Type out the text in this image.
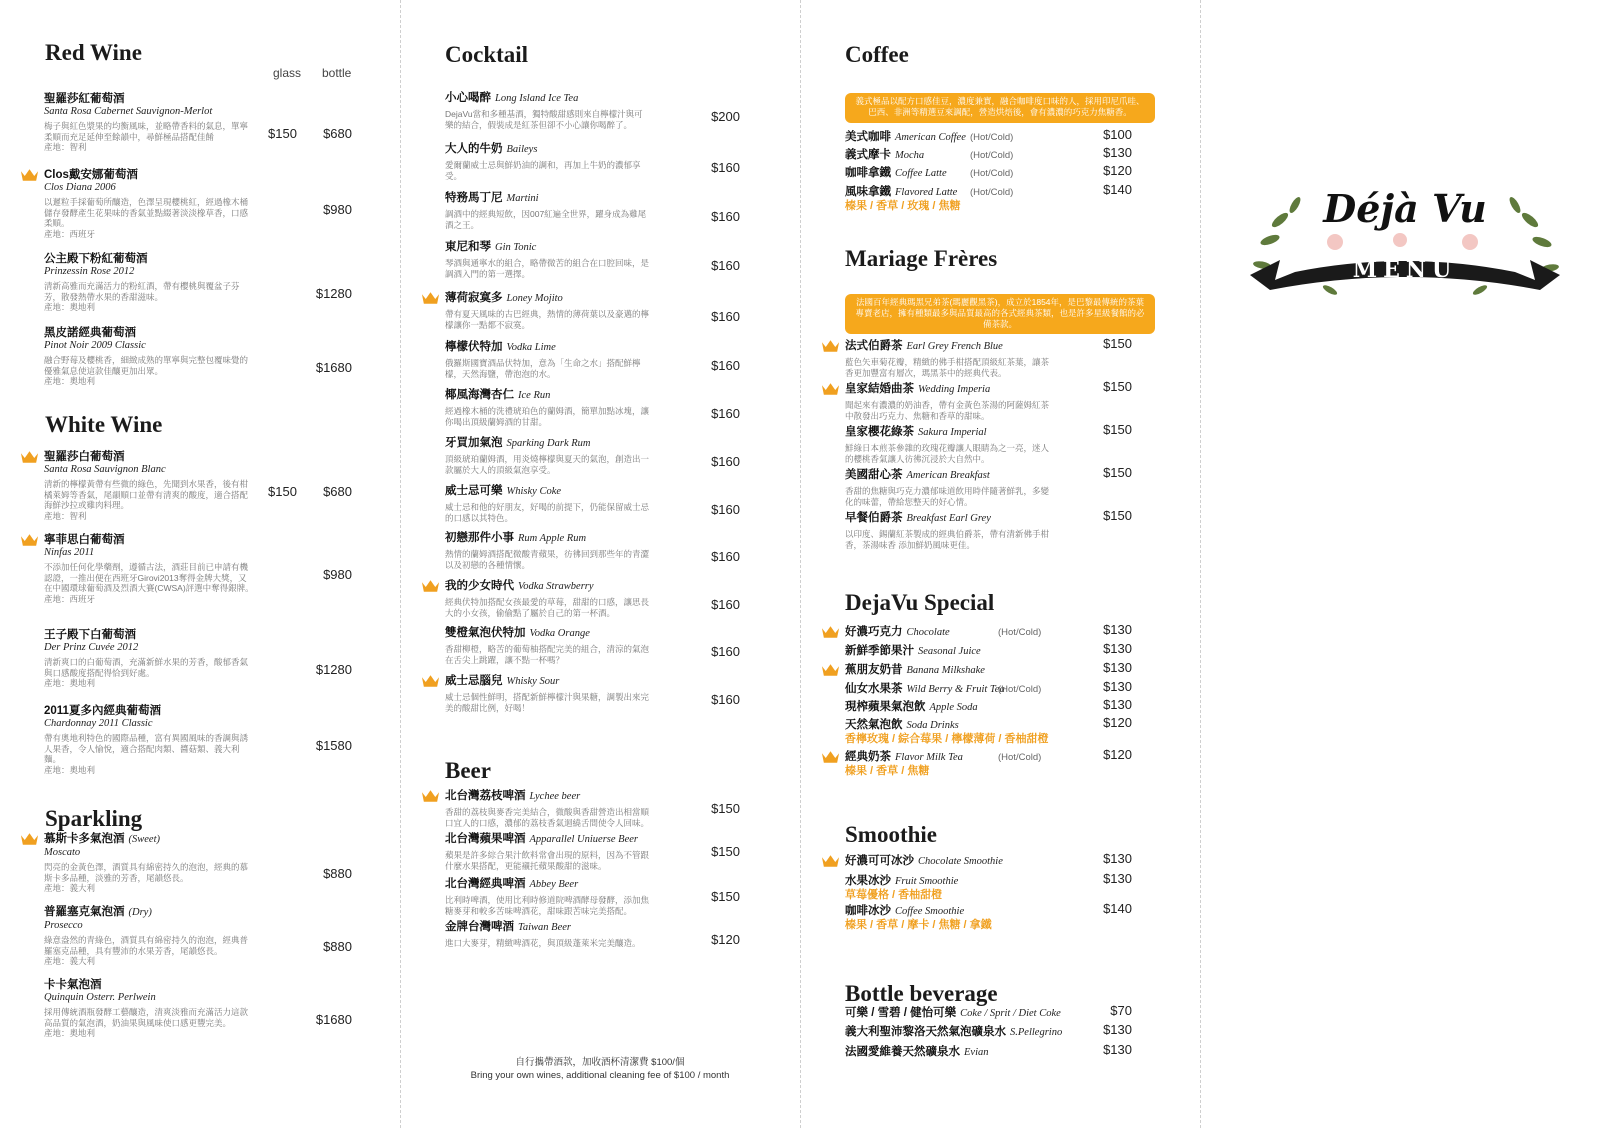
Red Wine
glass bottle
聖羅莎紅葡萄酒
Santa Rosa Cabernet Sauvignon-Merlot
梅子與紅色漿果的均衡風味，並略帶香料的氣息，單寧柔順而充足延伸至餘韻中，尋鮮極品搭配佳餚
產地：智利
$150 $680
Clos戴安娜葡萄酒
Clos Diana 2006
以遲粒手採葡萄所釀造，色澤呈現櫻桃紅，經過橡木桶儲存發酵產生花果味的香氣並點綴著淡淡橡草香，口感柔順。
產地：西班牙
$980
公主殿下粉紅葡萄酒
Prinzessin Rose 2012
清新高雅而充滿活力的粉紅酒，帶有櫻桃與覆盆子芬芳，散發熱帶水果的香甜滋味。
產地：奧地利
$1280
黑皮諾經典葡萄酒
Pinot Noir 2009 Classic
融合野莓及櫻桃香，細緻成熟的單寧與完整包覆味覺的優雅氣息使這款佳釀更加出眾。
產地：奧地利
$1680
White Wine
聖羅莎白葡萄酒
Santa Rosa Sauvignon Blanc
清新的檸檬黃帶有些微的綠色，先聞到水果香，後有柑橘萊姆等香氣，尾韻順口並帶有清爽的酸度，適合搭配海鮮沙拉或雞肉料理。
產地：智利
$150 $680
寧菲思白葡萄酒
Ninfas 2011
不添加任何化學藥劑，遵循古法，酒莊目前已申請有機認證，一推出便在西班牙Girovi2013奪得金牌大獎，又在中國環球葡萄酒及烈酒大賽(CWSA)評選中奪得銀牌。
產地：西班牙
$980
王子殿下白葡萄酒
Der Prinz Cuvée 2012
清新爽口的白葡萄酒，充滿新鮮水果的芳香，酸郁香氣與口感酸度搭配得恰到好處。
產地：奧地利
$1280
2011夏多內經典葡萄酒
Chardonnay 2011 Classic
帶有奧地利特色的國際品種，富有異國風味的香調與誘人果香，令人愉悅，適合搭配肉類、醬菇類、義大利麵。
產地：奧地利
$1580
Sparkling
慕斯卡多氣泡酒 (Sweet)
Moscato
閃亮的金黃色澤，酒質具有綿密持久的泡泡，經典的慕斯卡多品種，淡雅的芳香，尾韻悠長。
產地：義大利
$880
普羅塞克氣泡酒 (Dry)
Prosecco
綠意盎然的青綠色，酒質具有綿密持久的泡泡，經典普羅塞克品種，具有豐沛的水果芳香，尾韻悠長。
產地：義大利
$880
卡卡氣泡酒
Quinquin Osterr. Perlwein
採用傳統酒瓶發酵工藝釀造，清爽淡雅而充滿活力這款高品質的氣泡酒，奶油果與風味使口感更豐完美。
產地：奧地利
$1680
Cocktail
小心喝醉 Long Island Ice Tea
DejaVu當和多種基酒，獨特酸甜感則來自檸檬汁與可樂的結合，假裝成是紅茶但卻不小心讓你喝醉了。
$200
大人的牛奶 Baileys
愛爾蘭威士忌與鮮奶油的調和，再加上牛奶的濃郁享受。
$160
特務馬丁尼 Martini
調酒中的經典短飲，因007紅遍全世界，躍身成為雞尾酒之王。
$160
東尼和琴 Gin Tonic
琴酒與通寧水的組合，略帶微苦的組合在口腔回味，是調酒入門的第一選擇。
$160
薄荷寂寞多 Loney Mojito
帶有夏天風味的古巴經典，熱情的薄荷葉以及豪邁的檸檬讓你一點都不寂寞。
$160
檸檬伏特加 Vodka Lime
俄羅斯國寶酒品伏特加，意為「生命之水」搭配鮮檸檬，天然海鹽，帶泡泡的水。
$160
椰風海灣杏仁 Ice Run
經過橡木桶的洗禮琥珀色的蘭姆酒，簡單加點冰塊，讓你喝出頂級蘭姆酒的甘甜。
$160
牙買加氣泡 Sparking Dark Rum
頂級琥珀蘭姆酒，用炎燒檸檬與夏天的氣泡，創造出一款屬於大人的頂級氣泡享受。
$160
威士忌可樂 Whisky Coke
威士忌和他的好朋友，好喝的前提下，仍能保留威士忌的口感以其特色。
$160
初戀那件小事 Rum Apple Rum
熱情的蘭姆酒搭配微酸青蘋果，彷彿回到那些年的青澀以及初戀的各種情懷。
$160
我的少女時代 Vodka Strawberry
經典伏特加搭配女孩最愛的草莓，甜甜的口感，讓思長大的小女孩，偷偷點了屬於自己的第一杯酒。
$160
雙橙氣泡伏特加 Vodka Orange
香甜柳橙，略苦的葡萄柚搭配完美的組合，清涼的氣泡在舌尖上跳躍，讓不點一杯嗎？
$160
威士忌腦兒 Whisky Sour
威士忌個性鮮明，搭配新鮮檸檬汁與果糖，調製出來完美的酸甜比例，好喝！
$160
Beer
北台灣荔枝啤酒 Lychee beer
香甜的荔枝與麥香完美結合，微酸與香甜營造出相當順口宜人的口感，濃郁的荔枝香氣迴繞舌間使令人回味。
$150
北台灣蘋果啤酒 Apparallel Uniuerse Beer
蘋果是許多綜合果汁飲料常會出現的原料，因為不管跟什麼水果搭配，更能襯托蘋果酸甜的滋味。
$150
北台灣經典啤酒 Abbey Beer
比利時啤酒，使用比利時修道院啤酒酵母發酵，添加焦糖麥芽和較多苦味啤酒花，甜味跟苦味完美搭配。
$150
金牌台灣啤酒 Taiwan Beer
進口大麥芽，精緻啤酒花，與頂級蓬萊米完美釀造。	$120
自行攜帶酒款，加收酒杯清潔費 $100/個
Bring your own wines, additional cleaning fee of $100 / month
Coffee
義式極品以配方口感佳豆，濃度兼實，融合咖啡度口味的人，採用印尼爪哇、巴西、非洲等精選豆來調配，營造烘焙後，會有濃濃的巧克力焦糖香。
美式咖啡 American Coffee (Hot/Cold)	$100
義式摩卡 Mocha	(Hot/Cold)	$130
咖啡拿鐵 Coffee Latte (Hot/Cold)	$120
風味拿鐵 Flavored Latte
榛果 / 香草 / 玫瑰 / 焦糖
(Hot/Cold)	$140
Mariage Frères
法國百年經典瑪黑兄弟茶(瑪麗觀黑茶)，成立於1854年，是巴黎最傳統的茶葉專賣老店，擁有種類最多與品質最高的各式經典茶類，也是許多星級餐館的必備茶款。
法式伯爵茶 Earl Grey French Blue
藍色矢車菊花瓣，精緻的佛手柑搭配頂級紅茶葉，讓茶香更加豐富有層次，瑪黑茶中的經典代表。
$150
皇家結婚曲茶 Wedding Imperia
聞起來有濃濃的奶油香，帶有金黃色茶湯的阿薩姆紅茶中散發出巧克力、焦糖和香草的甜味。
$150
皇家櫻花綠茶 Sakura Imperial
鮮綠日本煎茶參雜的玫瑰花瓣讓人眼睛為之一亮，迷人的櫻桃香氣讓人彷彿沉浸於大自然中。
$150
美國甜心茶 American Breakfast
香甜的焦糖與巧克力濃郁味道飲用時伴隨著鮮乳，多變化的味蕾，帶給您整天的好心情。
$150
早餐伯爵茶 Breakfast Earl Grey
以印度、錫蘭紅茶製成的經典伯爵茶，帶有清新佛手柑香，茶湯味香 添加鮮奶風味更佳。
$150
DejaVu Special
好濃巧克力 Chocolate	(Hot/Cold)	$130
新鮮季節果汁 Seasonal Juice	$130
蕉朋友奶昔 Banana Milkshake	$130
仙女水果茶 Wild Berry & Fruit Tea
(Hot/Cold)	$130
現榨蘋果氣泡飲 Apple Soda	$130
天然氣泡飲 Soda Drinks
香檸玫瑰 / 綜合莓果 / 檸檬薄荷 / 香柚甜橙
$120
經典奶茶 Flavor Milk Tea
榛果 / 香草 / 焦糖
(Hot/Cold)	$120
Smoothie
好濃可可冰沙 Chocolate Smoothie	$130
水果冰沙 Fruit Smoothie
草莓優格 / 香柚甜橙
$130
咖啡冰沙 Coffee Smoothie
榛果 / 香草 / 摩卡 / 焦糖 / 拿鐵
$140
Bottle beverage
可樂 / 雪碧 / 健怡可樂 Coke / Sprit / Diet Coke	$70
義大利聖沛黎洛天然氣泡礦泉水 S.Pellegrino	$130
法國愛維養天然礦泉水 Evian	$130
Déjà Vu
MENU
